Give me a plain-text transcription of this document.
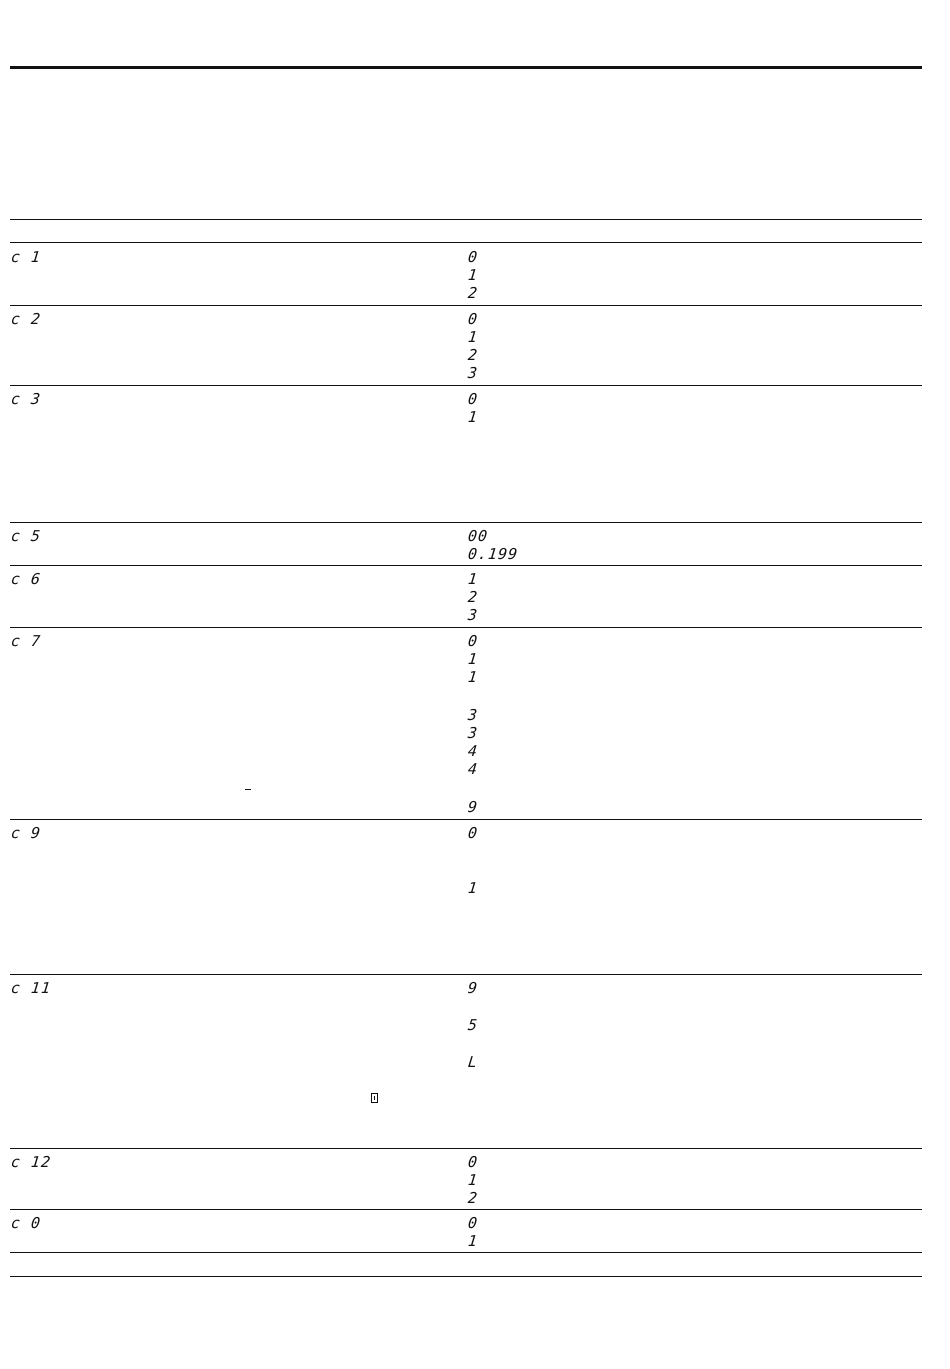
c 1	0
1
2
c 2	0
1
2
3
c 3	0
1
c 5	00
0.199
c 6	1
2
3
c 7	0
1
1
3
3
4
4
9
c 9	0
1
c 11	9
5
L
c 12	0
1
2
c 0	0
1
